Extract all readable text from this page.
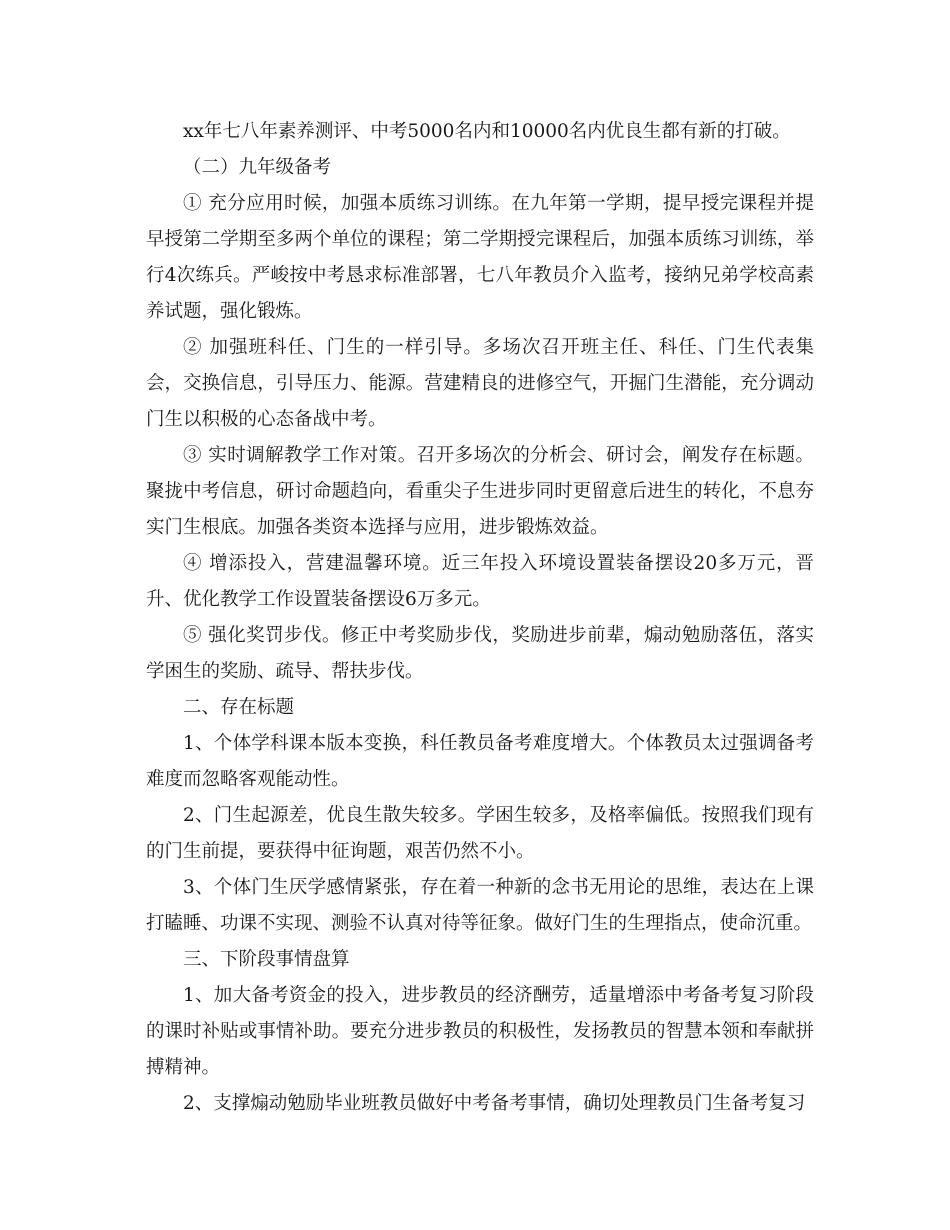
xx年七八年素养测评、中考5000名内和10000名内优良生都有新的打破。

（二）九年级备考

① 充分应用时候，加强本质练习训练。在九年第一学期，提早授完课程并提早授第二学期至多两个单位的课程；第二学期授完课程后，加强本质练习训练，举行4次练兵。严峻按中考恳求标准部署，七八年教员介入监考，接纳兄弟学校高素养试题，强化锻炼。

② 加强班科任、门生的一样引导。多场次召开班主任、科任、门生代表集会，交换信息，引导压力、能源。营建精良的进修空气，开掘门生潜能，充分调动门生以积极的心态备战中考。

③ 实时调解教学工作对策。召开多场次的分析会、研讨会，阐发存在标题。聚拢中考信息，研讨命题趋向，看重尖子生进步同时更留意后进生的转化，不息夯实门生根底。加强各类资本选择与应用，进步锻炼效益。

④ 增添投入，营建温馨环境。近三年投入环境设置装备摆设20多万元，晋升、优化教学工作设置装备摆设6万多元。

⑤ 强化奖罚步伐。修正中考奖励步伐，奖励进步前辈，煽动勉励落伍，落实学困生的奖励、疏导、帮扶步伐。

二、存在标题

1、个体学科课本版本变换，科任教员备考难度增大。个体教员太过强调备考难度而忽略客观能动性。

2、门生起源差，优良生散失较多。学困生较多，及格率偏低。按照我们现有的门生前提，要获得中征询题，艰苦仍然不小。

3、个体门生厌学感情紧张，存在着一种新的念书无用论的思维，表达在上课打瞌睡、功课不实现、测验不认真对待等征象。做好门生的生理指点，使命沉重。

三、下阶段事情盘算

1、加大备考资金的投入，进步教员的经济酬劳，适量增添中考备考复习阶段的课时补贴或事情补助。要充分进步教员的积极性，发扬教员的智慧本领和奉献拼搏精神。

2、支撑煽动勉励毕业班教员做好中考备考事情，确切处理教员门生备考复习
